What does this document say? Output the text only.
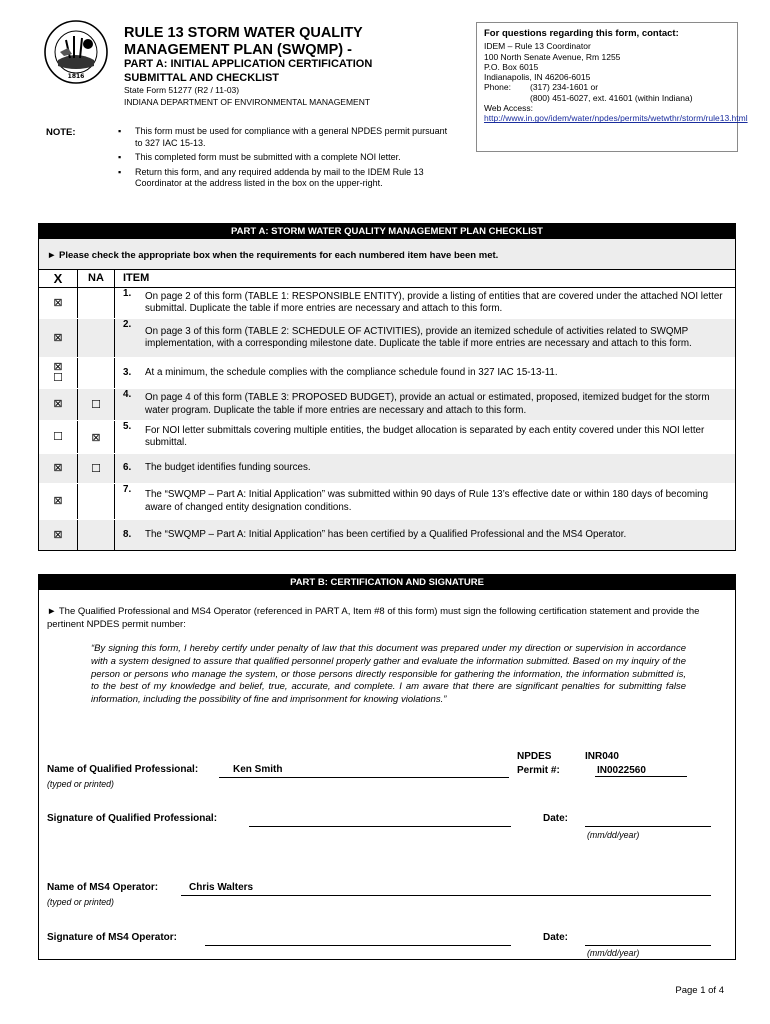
1816
RULE 13 STORM WATER QUALITY
MANAGEMENT PLAN (SWQMP) -
PART A: INITIAL APPLICATION CERTIFICATION
SUBMITTAL AND CHECKLIST
State Form 51277 (R2 / 11-03)
INDIANA DEPARTMENT OF ENVIRONMENTAL MANAGEMENT
For questions regarding this form, contact:
IDEM – Rule 13 Coordinator
100 North Senate Avenue, Rm 1255
P.O. Box 6015
Indianapolis, IN 46206-6015
Phone:	(317) 234-1601 or
(800) 451-6027, ext. 41601 (within Indiana)
Web Access:
http://www.in.gov/idem/water/npdes/permits/wetwthr/storm/rule13.html
NOTE:
▪	This form must be used for compliance with a general NPDES permit pursuant to 327 IAC 15-13.
▪ This completed form must be submitted with a complete NOI letter.
▪ Return this form, and any required addenda by mail to the IDEM Rule 13 Coordinator at the address listed in the box on the upper-right.
PART A: STORM WATER QUALITY MANAGEMENT PLAN CHECKLIST
► Please check the appropriate box when the requirements for each numbered item have been met.
X	NA	ITEM
⊠
1.	On page 2 of this form (TABLE 1: RESPONSIBLE ENTITY), provide a listing of entities that are covered under the attached NOI letter submittal. Duplicate the table if more entries are necessary and attach to this form.
⊠
2.
On page 3 of this form (TABLE 2: SCHEDULE OF ACTIVITIES), provide an itemized schedule of activities related to SWQMP implementation, with a corresponding milestone date. Duplicate the table if more entries are necessary and attach to this form.
⊠
☐	3.	At a minimum, the schedule complies with the compliance schedule found in 327 IAC 15-13-11.
⊠	☐
4.	On page 4 of this form (TABLE 3: PROPOSED BUDGET), provide an actual or estimated, proposed, itemized budget for the storm water program. Duplicate the table if more entries are necessary and attach to this form.
☐	⊠
5.	For NOI letter submittals covering multiple entities, the budget allocation is separated by each entity covered under this NOI letter submittal.
⊠	☐ 6.	The budget identifies funding sources.
⊠
7.	The “SWQMP – Part A: Initial Application” was submitted within 90 days of Rule 13’s effective date or within 180 days of becoming aware of changed entity designation conditions.
⊠	8.	The “SWQMP – Part A: Initial Application” has been certified by a Qualified Professional and the MS4 Operator.
PART B: CERTIFICATION AND SIGNATURE
► The Qualified Professional and MS4 Operator (referenced in PART A, Item #8 of this form) must sign the following certification statement and provide the pertinent NPDES permit number:
“By signing this form, I hereby certify under penalty of law that this document was prepared under my direction or supervision in accordance with a system designed to assure that qualified personnel properly gather and evaluate the information submitted. Based on my inquiry of the person or persons who manage the system, or those persons directly responsible for gathering the information, the information submitted is, to the best of my knowledge and belief, true, accurate, and complete. I am aware that there are significant penalties for submitting false information, including the possibility of fine and imprisonment for knowing violations.”
Name of Qualified Professional:	Ken Smith
(typed or printed)
NPDES
Permit #:
INR040
IN0022560
Signature of Qualified Professional:	Date:
(mm/dd/year)
Name of MS4 Operator:	Chris Walters
(typed or printed)
Signature of MS4 Operator:	Date:
(mm/dd/year)
Page 1 of 4
